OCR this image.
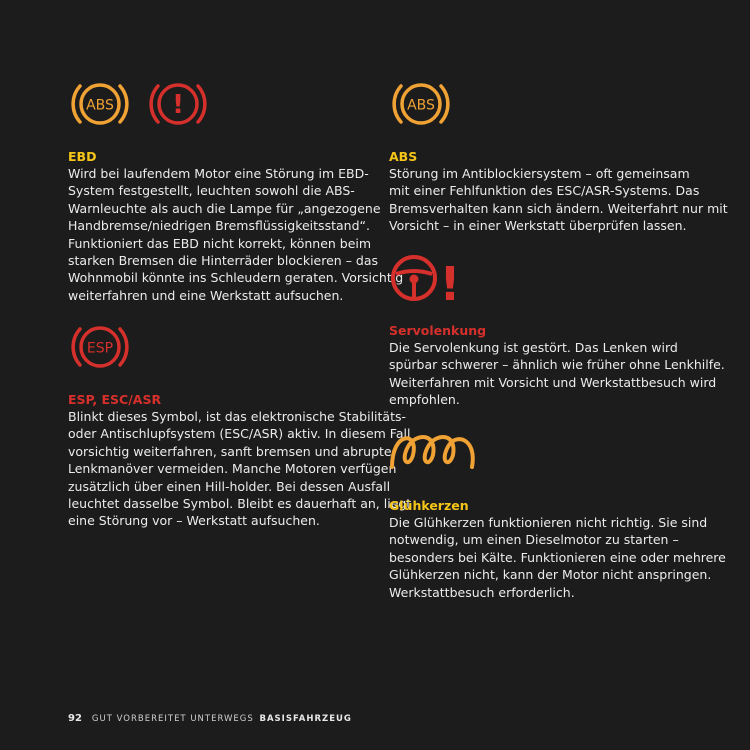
ABS !
EBD

Wird bei laufendem Motor eine Störung im EBD-
System festgestellt, leuchten sowohl die ABS-
Warnleuchte als auch die Lampe für „angezogene
Handbremse/niedrigen Bremsflüssigkeitsstand“.
Funktioniert das EBD nicht korrekt, können beim
starken Bremsen die Hinterräder blockieren – das
Wohnmobil könnte ins Schleudern geraten. Vorsichtig
weiterfahren und eine Werkstatt aufsuchen.

ESP
ESP, ESC/ASR

Blinkt dieses Symbol, ist das elektronische Stabilitäts-
oder Antischlupfsystem (ESC/ASR) aktiv. In diesem Fall
vorsichtig weiterfahren, sanft bremsen und abrupte
Lenkmanöver vermeiden. Manche Motoren verfügen
zusätzlich über einen Hill-holder. Bei dessen Ausfall
leuchtet dasselbe Symbol. Bleibt es dauerhaft an, liegt
eine Störung vor – Werkstatt aufsuchen.

ABS
ABS

Störung im Antiblockiersystem – oft gemeinsam
mit einer Fehlfunktion des ESC/ASR-Systems. Das
Bremsverhalten kann sich ändern. Weiterfahrt nur mit
Vorsicht – in einer Werkstatt überprüfen lassen.

!
Servolenkung

Die Servolenkung ist gestört. Das Lenken wird
spürbar schwerer – ähnlich wie früher ohne Lenkhilfe.
Weiterfahren mit Vorsicht und Werkstattbesuch wird
empfohlen.

Glühkerzen

Die Glühkerzen funktionieren nicht richtig. Sie sind
notwendig, um einen Dieselmotor zu starten –
besonders bei Kälte. Funktionieren eine oder mehrere
Glühkerzen nicht, kann der Motor nicht anspringen.
Werkstattbesuch erforderlich.

92 GUT VORBEREITET UNTERWEGS BASISFAHRZEUG
